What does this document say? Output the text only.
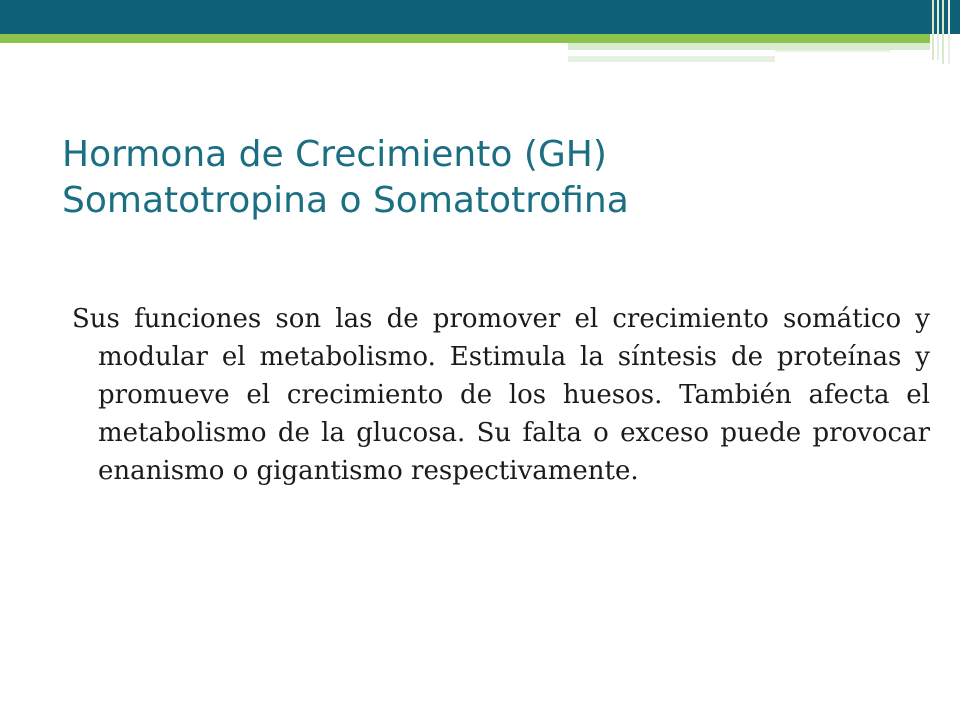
Hormona de Crecimiento (GH)
Somatotropina o Somatotrofina

Sus funciones son las de promover el crecimiento somático y modular el metabolismo. Estimula la síntesis de proteínas y promueve el crecimiento de los huesos. También afecta el metabolismo de la glucosa. Su falta o exceso puede provocar enanismo o gigantismo respectivamente.
